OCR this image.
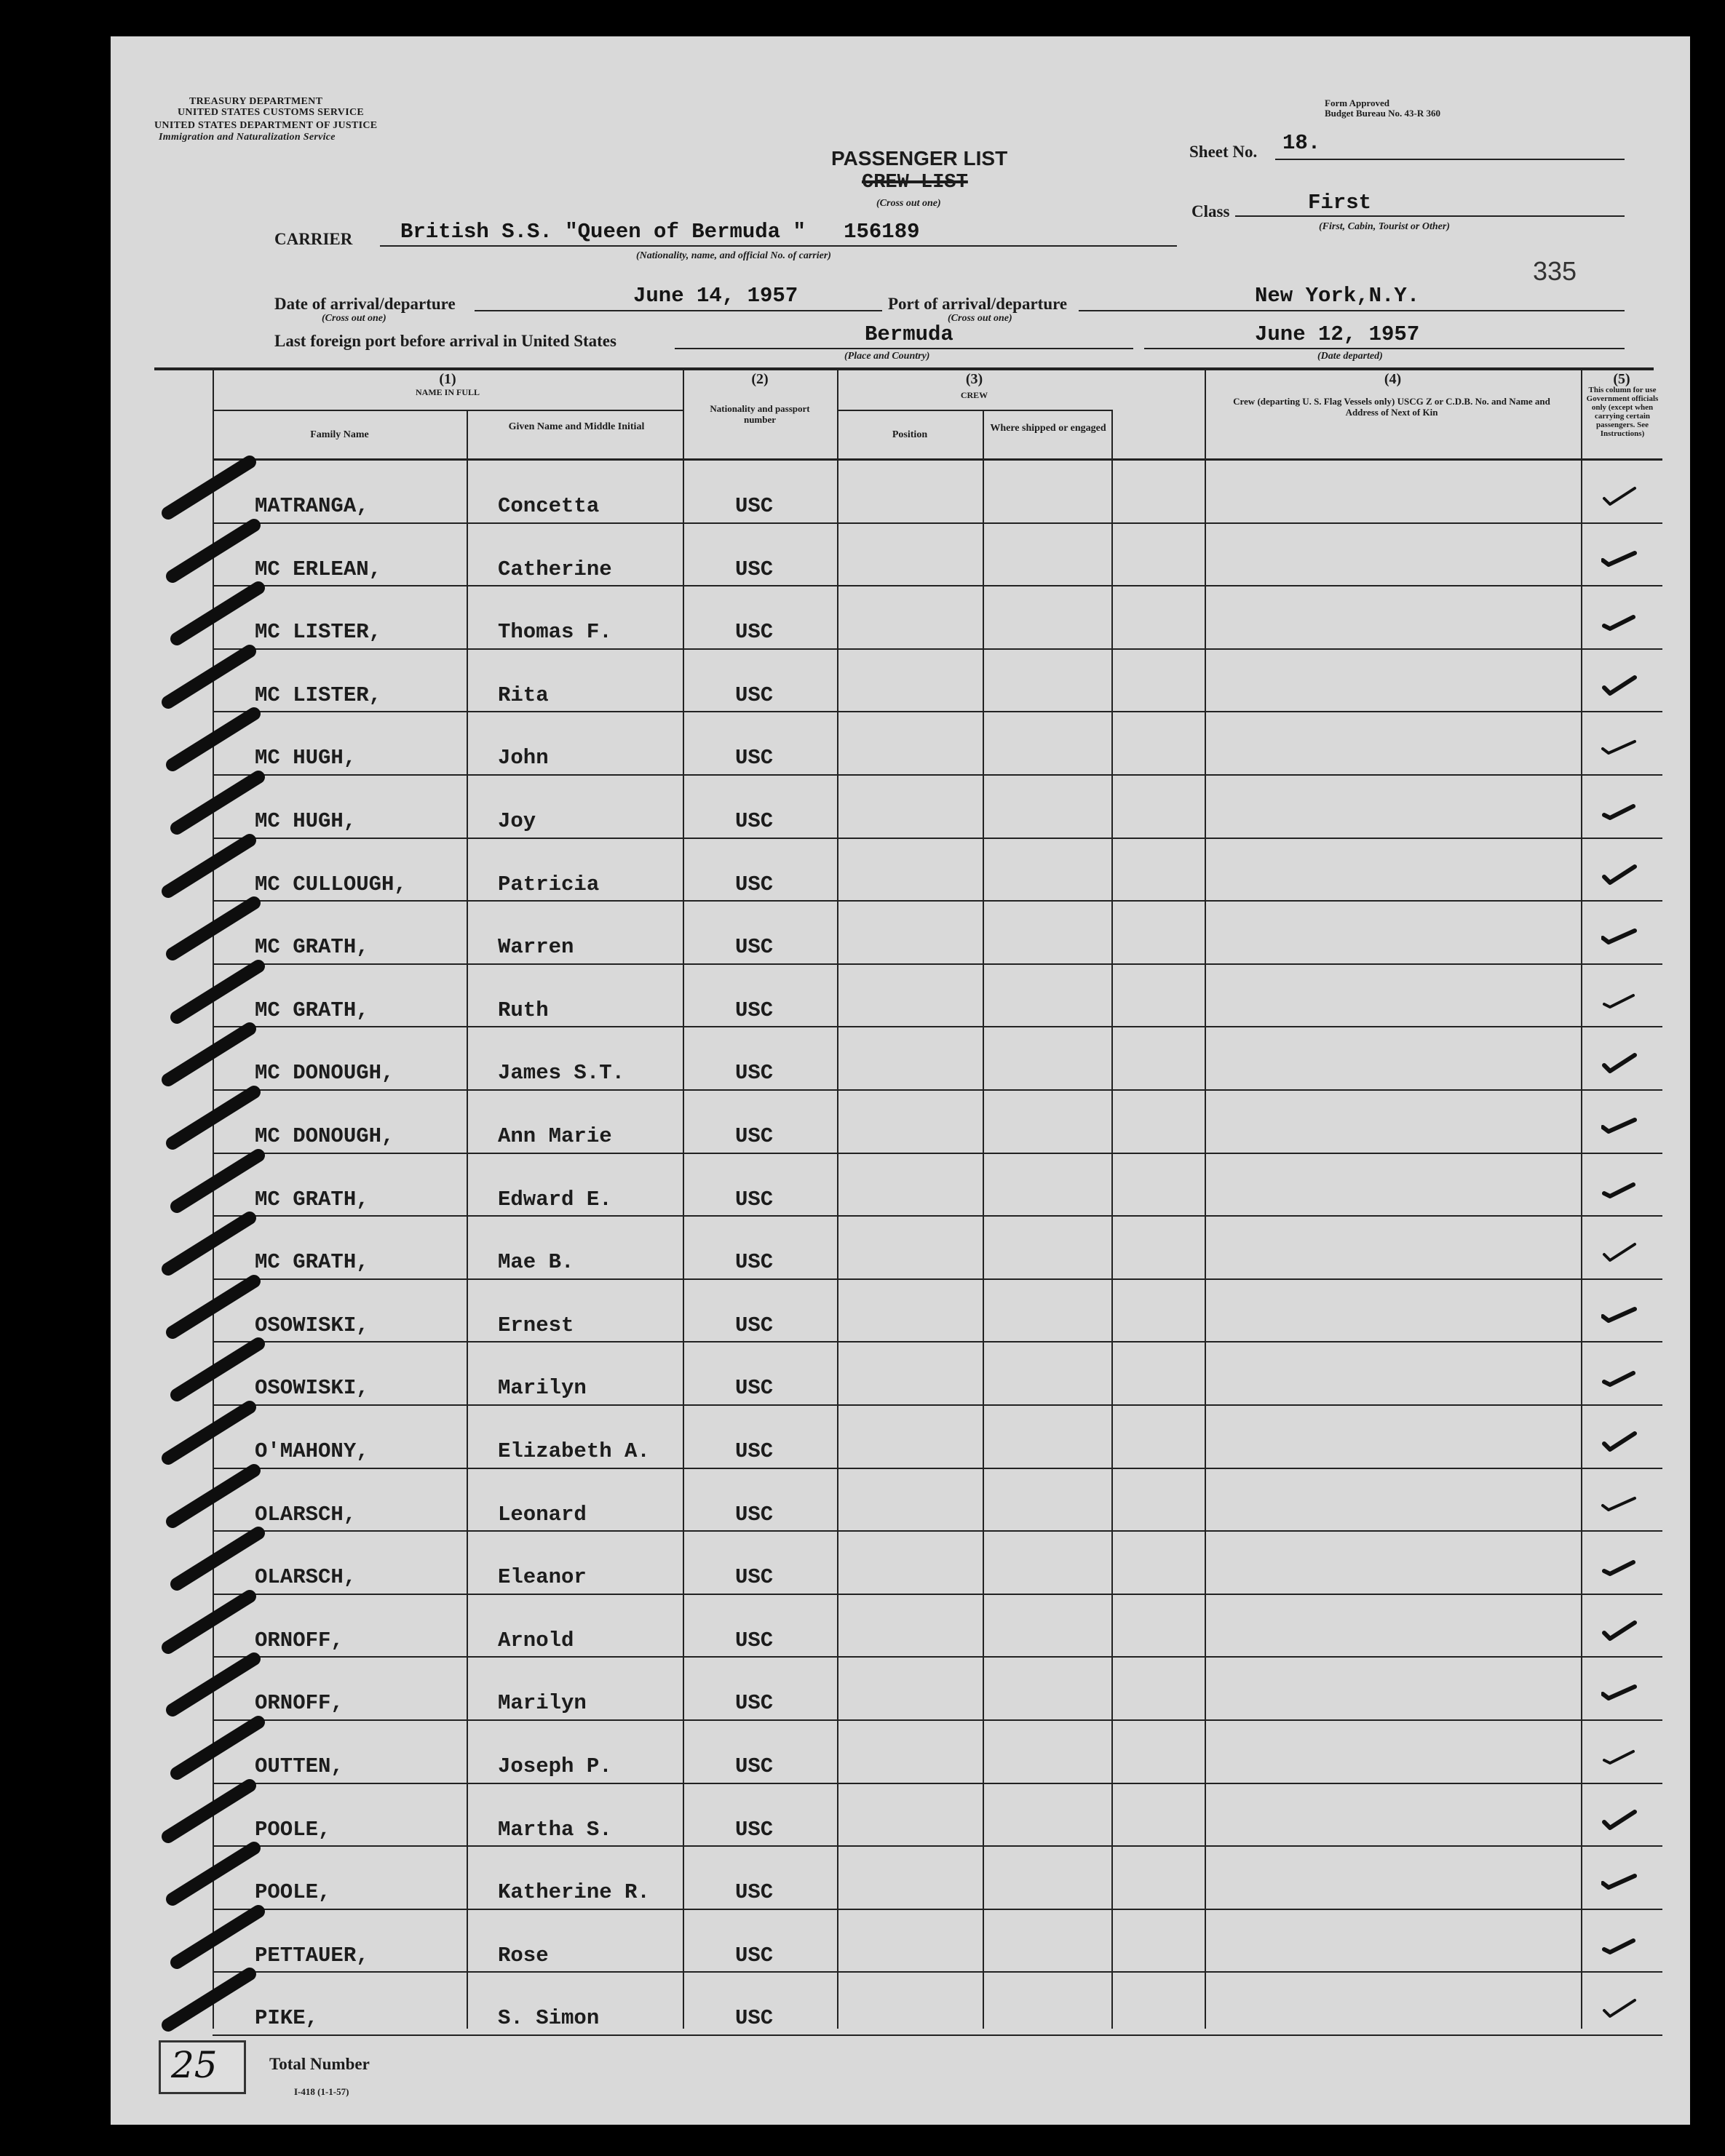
TREASURY DEPARTMENT
UNITED STATES CUSTOMS SERVICE
UNITED STATES DEPARTMENT OF JUSTICE
Immigration and Naturalization Service
Form Approved
Budget Bureau No. 43-R 360
PASSENGER LIST
CREW LIST
(Cross out one)
Sheet No. 18.
Class	First
(First, Cabin, Tourist or Other)
CARRIER British S.S. "Queen of Bermuda "   156189
(Nationality, name, and official No. of carrier)
335
Date of arrival/departure	June 14, 1957
(Cross out one)
Port of arrival/departure
(Cross out one)
New York,N.Y.
Last foreign port before arrival in United States	Bermuda
(Place and Country)
June 12, 1957
(Date departed)
(1)
NAME IN FULL
Family Name
Given Name and Middle Initial
(2)
Nationality and passport number
(3)
CREW
Position
Where shipped or engaged
(4)
Crew (departing U. S. Flag Vessels only) USCG Z or C.D.B. No. and Name and Address of Next of Kin
(5)
This column for use Government officials only (except when carrying certain passengers. See Instructions)
MATRANGA,	Concetta	USC
MC ERLEAN,	Catherine	USC
MC LISTER,	Thomas F.	USC
MC LISTER,	Rita	USC
MC HUGH,	John	USC
MC HUGH,	Joy	USC
MC CULLOUGH,	Patricia	USC
MC GRATH,	Warren	USC
MC GRATH,	Ruth	USC
MC DONOUGH,	James S.T.	USC
MC DONOUGH,	Ann Marie	USC
MC GRATH,	Edward E.	USC
MC GRATH,	Mae B.	USC
OSOWISKI,	Ernest	USC
OSOWISKI,	Marilyn	USC
O'MAHONY,	Elizabeth A.	USC
OLARSCH,	Leonard	USC
OLARSCH,	Eleanor	USC
ORNOFF,	Arnold	USC
ORNOFF,	Marilyn	USC
OUTTEN,	Joseph P.	USC
POOLE,	Martha S.	USC
POOLE,	Katherine R.	USC
PETTAUER,	Rose	USC
PIKE,	S. Simon	USC
25	Total Number
I-418 (1-1-57)
